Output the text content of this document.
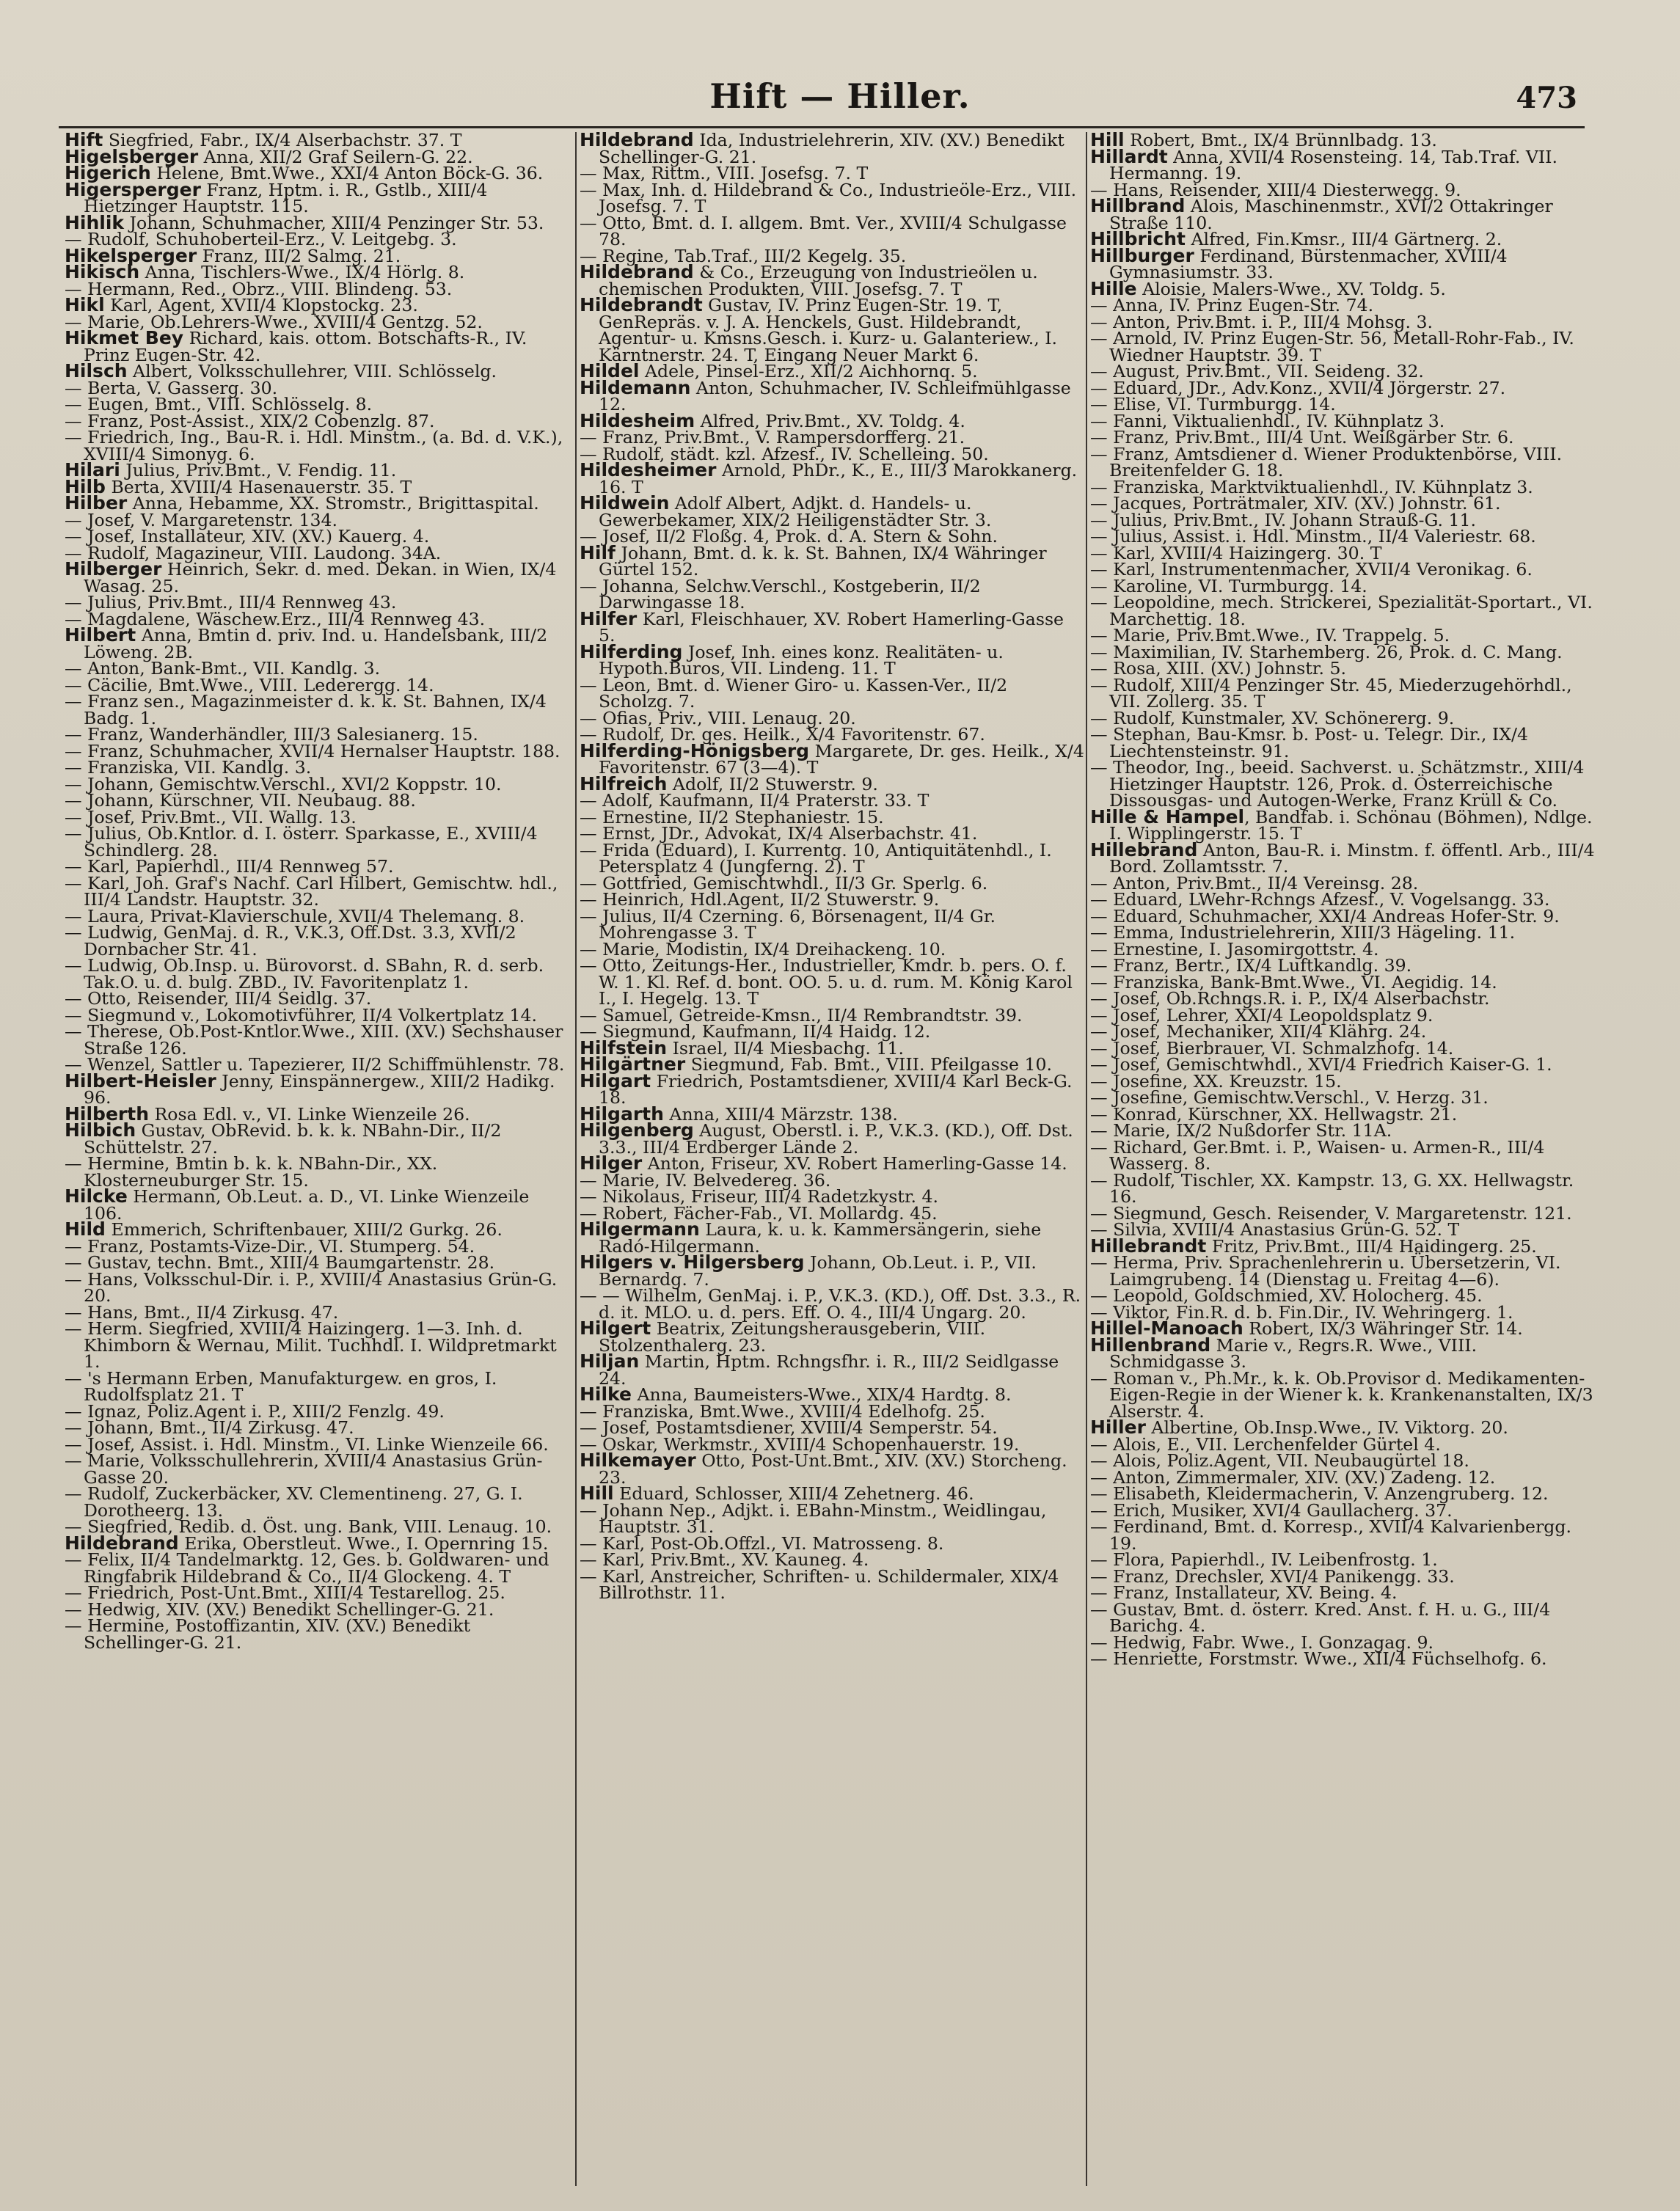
Hift — Hiller.	473

Hift Siegfried, Fabr., IX/4 Alserbachstr. 37. T

Higelsberger Anna, XII/2 Graf Seilern-G. 22.

Higerich Helene, Bmt.Wwe., XXI/4 Anton Böck-G. 36.

Higersperger Franz, Hptm. i. R., Gstlb., XIII/4 Hietzinger Hauptstr. 115.

Hihlik Johann, Schuhmacher, XIII/4 Penzinger Str. 53.

— Rudolf, Schuhoberteil-Erz., V. Leitgebg. 3.

Hikelsperger Franz, III/2 Salmg. 21.

Hikisch Anna, Tischlers-Wwe., IX/4 Hörlg. 8.

— Hermann, Red., Obrz., VIII. Blindeng. 53.

Hikl Karl, Agent, XVII/4 Klopstockg. 23.

— Marie, Ob.Lehrers-Wwe., XVIII/4 Gentzg. 52.

Hikmet Bey Richard, kais. ottom. Botschafts-R., IV. Prinz Eugen-Str. 42.

Hilsch Albert, Volksschullehrer, VIII. Schlösselg.

— Berta, V. Gasserg. 30.

— Eugen, Bmt., VIII. Schlösselg. 8.

— Franz, Post-Assist., XIX/2 Cobenzlg. 87.

— Friedrich, Ing., Bau-R. i. Hdl. Minstm., (a. Bd. d. V.K.), XVIII/4 Simonyg. 6.

Hilari Julius, Priv.Bmt., V. Fendig. 11.

Hilb Berta, XVIII/4 Hasenauerstr. 35. T

Hilber Anna, Hebamme, XX. Stromstr., Brigittaspital.

— Josef, V. Margaretenstr. 134.

— Josef, Installateur, XIV. (XV.) Kauerg. 4.

— Rudolf, Magazineur, VIII. Laudong. 34A.

Hilberger Heinrich, Sekr. d. med. Dekan. in Wien, IX/4 Wasag. 25.

— Julius, Priv.Bmt., III/4 Rennweg 43.

— Magdalene, Wäschew.Erz., III/4 Rennweg 43.

Hilbert Anna, Bmtin d. priv. Ind. u. Handelsbank, III/2 Löweng. 2B.

— Anton, Bank-Bmt., VII. Kandlg. 3.

— Cäcilie, Bmt.Wwe., VIII. Lederergg. 14.

— Franz sen., Magazinmeister d. k. k. St. Bahnen, IX/4 Badg. 1.

— Franz, Wanderhändler, III/3 Salesianerg. 15.

— Franz, Schuhmacher, XVII/4 Hernalser Hauptstr. 188.

— Franziska, VII. Kandlg. 3.

— Johann, Gemischtw.Verschl., XVI/2 Koppstr. 10.

— Johann, Kürschner, VII. Neubaug. 88.

— Josef, Priv.Bmt., VII. Wallg. 13.

— Julius, Ob.Kntlor. d. I. österr. Sparkasse, E., XVIII/4 Schindlerg. 28.

— Karl, Papierhdl., III/4 Rennweg 57.

— Karl, Joh. Graf's Nachf. Carl Hilbert, Gemischtw. hdl., III/4 Landstr. Hauptstr. 32.

— Laura, Privat-Klavierschule, XVII/4 Thelemang. 8.

— Ludwig, GenMaj. d. R., V.K.3, Off.Dst. 3.3, XVII/2 Dornbacher Str. 41.

— Ludwig, Ob.Insp. u. Bürovorst. d. SBahn, R. d. serb. Tak.O. u. d. bulg. ZBD., IV. Favoritenplatz 1.

— Otto, Reisender, III/4 Seidlg. 37.

— Siegmund v., Lokomotivführer, II/4 Volkertplatz 14.

— Therese, Ob.Post-Kntlor.Wwe., XIII. (XV.) Sechshauser Straße 126.

— Wenzel, Sattler u. Tapezierer, II/2 Schiffmühlenstr. 78.

Hilbert-Heisler Jenny, Einspännergew., XIII/2 Hadikg. 96.

Hilberth Rosa Edl. v., VI. Linke Wienzeile 26.

Hilbich Gustav, ObRevid. b. k. k. NBahn-Dir., II/2 Schüttelstr. 27.

— Hermine, Bmtin b. k. k. NBahn-Dir., XX. Klosterneuburger Str. 15.

Hilcke Hermann, Ob.Leut. a. D., VI. Linke Wienzeile 106.

Hild Emmerich, Schriftenbauer, XIII/2 Gurkg. 26.

— Franz, Postamts-Vize-Dir., VI. Stumperg. 54.

— Gustav, techn. Bmt., XIII/4 Baumgartenstr. 28.

— Hans, Volksschul-Dir. i. P., XVIII/4 Anastasius Grün-G. 20.

— Hans, Bmt., II/4 Zirkusg. 47.

— Herm. Siegfried, XVIII/4 Haizingerg. 1—3. Inh. d. Khimborn & Wernau, Milit. Tuchhdl. I. Wildpretmarkt 1.

— 's Hermann Erben, Manufakturgew. en gros, I. Rudolfsplatz 21. T

— Ignaz, Poliz.Agent i. P., XIII/2 Fenzlg. 49.

— Johann, Bmt., II/4 Zirkusg. 47.

— Josef, Assist. i. Hdl. Minstm., VI. Linke Wienzeile 66.

— Marie, Volksschullehrerin, XVIII/4 Anastasius Grün-Gasse 20.

— Rudolf, Zuckerbäcker, XV. Clementineng. 27, G. I. Dorotheerg. 13.

— Siegfried, Redib. d. Öst. ung. Bank, VIII. Lenaug. 10.

Hildebrand Erika, Oberstleut. Wwe., I. Opernring 15.

— Felix, II/4 Tandelmarktg. 12, Ges. b. Goldwaren- und Ringfabrik Hildebrand & Co., II/4 Glockeng. 4. T

— Friedrich, Post-Unt.Bmt., XIII/4 Testarellog. 25.

— Hedwig, XIV. (XV.) Benedikt Schellinger-G. 21.

— Hermine, Postoffizantin, XIV. (XV.) Benedikt Schellinger-G. 21.

Hildebrand Ida, Industrielehrerin, XIV. (XV.) Benedikt Schellinger-G. 21.

— Max, Rittm., VIII. Josefsg. 7. T

— Max, Inh. d. Hildebrand & Co., Industrieöle-Erz., VIII. Josefsg. 7. T

— Otto, Bmt. d. I. allgem. Bmt. Ver., XVIII/4 Schulgasse 78.

— Regine, Tab.Traf., III/2 Kegelg. 35.

Hildebrand & Co., Erzeugung von Industrieölen u. chemischen Produkten, VIII. Josefsg. 7. T

Hildebrandt Gustav, IV. Prinz Eugen-Str. 19. T, GenRepräs. v. J. A. Henckels, Gust. Hildebrandt, Agentur- u. Kmsns.Gesch. i. Kurz- u. Galanteriew., I. Kärntnerstr. 24. T, Eingang Neuer Markt 6.

Hildel Adele, Pinsel-Erz., XII/2 Aichhornq. 5.

Hildemann Anton, Schuhmacher, IV. Schleifmühlgasse 12.

Hildesheim Alfred, Priv.Bmt., XV. Toldg. 4.

— Franz, Priv.Bmt., V. Rampersdorfferg. 21.

— Rudolf, städt. kzl. Afzesf., IV. Schelleing. 50.

Hildesheimer Arnold, PhDr., K., E., III/3 Marokkanerg. 16. T

Hildwein Adolf Albert, Adjkt. d. Handels- u. Gewerbekamer, XIX/2 Heiligenstädter Str. 3.

— Josef, II/2 Floßg. 4, Prok. d. A. Stern & Sohn.

Hilf Johann, Bmt. d. k. k. St. Bahnen, IX/4 Währinger Gürtel 152.

— Johanna, Selchw.Verschl., Kostgeberin, II/2 Darwingasse 18.

Hilfer Karl, Fleischhauer, XV. Robert Hamerling-Gasse 5.

Hilferding Josef, Inh. eines konz. Realitäten- u. Hypoth.Buros, VII. Lindeng. 11. T

— Leon, Bmt. d. Wiener Giro- u. Kassen-Ver., II/2 Scholzg. 7.

— Ofias, Priv., VIII. Lenaug. 20.

— Rudolf, Dr. ges. Heilk., X/4 Favoritenstr. 67.

Hilferding-Hönigsberg Margarete, Dr. ges. Heilk., X/4 Favoritenstr. 67 (3—4). T

Hilfreich Adolf, II/2 Stuwerstr. 9.

— Adolf, Kaufmann, II/4 Praterstr. 33. T

— Ernestine, II/2 Stephaniestr. 15.

— Ernst, JDr., Advokat, IX/4 Alserbachstr. 41.

— Frida (Eduard), I. Kurrentg. 10, Antiquitätenhdl., I. Petersplatz 4 (Jungferng. 2). T

— Gottfried, Gemischtwhdl., II/3 Gr. Sperlg. 6.

— Heinrich, Hdl.Agent, II/2 Stuwerstr. 9.

— Julius, II/4 Czerning. 6, Börsenagent, II/4 Gr. Mohrengasse 3. T

— Marie, Modistin, IX/4 Dreihackeng. 10.

— Otto, Zeitungs-Her., Industrieller, Kmdr. b. pers. O. f. W. 1. Kl. Ref. d. bont. OO. 5. u. d. rum. M. König Karol I., I. Hegelg. 13. T

— Samuel, Getreide-Kmsn., II/4 Rembrandtstr. 39.

— Siegmund, Kaufmann, II/4 Haidg. 12.

Hilfstein Israel, II/4 Miesbachg. 11.

Hilgärtner Siegmund, Fab. Bmt., VIII. Pfeilgasse 10.

Hilgart Friedrich, Postamtsdiener, XVIII/4 Karl Beck-G. 18.

Hilgarth Anna, XIII/4 Märzstr. 138.

Hilgenberg August, Oberstl. i. P., V.K.3. (KD.), Off. Dst. 3.3., III/4 Erdberger Lände 2.

Hilger Anton, Friseur, XV. Robert Hamerling-Gasse 14.

— Marie, IV. Belvedereg. 36.

— Nikolaus, Friseur, III/4 Radetzkystr. 4.

— Robert, Fächer-Fab., VI. Mollardg. 45.

Hilgermann Laura, k. u. k. Kammersängerin, siehe Radó-Hilgermann.

Hilgers v. Hilgersberg Johann, Ob.Leut. i. P., VII. Bernardg. 7.

— — Wilhelm, GenMaj. i. P., V.K.3. (KD.), Off. Dst. 3.3., R. d. it. MLO. u. d. pers. Eff. O. 4., III/4 Ungarg. 20.

Hilgert Beatrix, Zeitungsherausgeberin, VIII. Stolzenthalerg. 23.

Hiljan Martin, Hptm. Rchngsfhr. i. R., III/2 Seidlgasse 24.

Hilke Anna, Baumeisters-Wwe., XIX/4 Hardtg. 8.

— Franziska, Bmt.Wwe., XVIII/4 Edelhofg. 25.

— Josef, Postamtsdiener, XVIII/4 Semperstr. 54.

— Oskar, Werkmstr., XVIII/4 Schopenhauerstr. 19.

Hilkemayer Otto, Post-Unt.Bmt., XIV. (XV.) Storcheng. 23.

Hill Eduard, Schlosser, XIII/4 Zehetnerg. 46.

— Johann Nep., Adjkt. i. EBahn-Minstm., Weidlingau, Hauptstr. 31.

— Karl, Post-Ob.Offzl., VI. Matrosseng. 8.

— Karl, Priv.Bmt., XV. Kauneg. 4.

— Karl, Anstreicher, Schriften- u. Schildermaler, XIX/4 Billrothstr. 11.

Hill Robert, Bmt., IX/4 Brünnlbadg. 13.

Hillardt Anna, XVII/4 Rosensteing. 14, Tab.Traf. VII. Hermanng. 19.

— Hans, Reisender, XIII/4 Diesterwegg. 9.

Hillbrand Alois, Maschinenmstr., XVI/2 Ottakringer Straße 110.

Hillbricht Alfred, Fin.Kmsr., III/4 Gärtnerg. 2.

Hillburger Ferdinand, Bürstenmacher, XVIII/4 Gymnasiumstr. 33.

Hille Aloisie, Malers-Wwe., XV. Toldg. 5.

— Anna, IV. Prinz Eugen-Str. 74.

— Anton, Priv.Bmt. i. P., III/4 Mohsg. 3.

— Arnold, IV. Prinz Eugen-Str. 56, Metall-Rohr-Fab., IV. Wiedner Hauptstr. 39. T

— August, Priv.Bmt., VII. Seideng. 32.

— Eduard, JDr., Adv.Konz., XVII/4 Jörgerstr. 27.

— Elise, VI. Turmburgg. 14.

— Fanni, Viktualienhdl., IV. Kühnplatz 3.

— Franz, Priv.Bmt., III/4 Unt. Weißgärber Str. 6.

— Franz, Amtsdiener d. Wiener Produktenbörse, VIII. Breitenfelder G. 18.

— Franziska, Marktviktualienhdl., IV. Kühnplatz 3.

— Jacques, Porträtmaler, XIV. (XV.) Johnstr. 61.

— Julius, Priv.Bmt., IV. Johann Strauß-G. 11.

— Julius, Assist. i. Hdl. Minstm., II/4 Valeriestr. 68.

— Karl, XVIII/4 Haizingerg. 30. T

— Karl, Instrumentenmacher, XVII/4 Veronikag. 6.

— Karoline, VI. Turmburgg. 14.

— Leopoldine, mech. Strickerei, Spezialität-Sportart., VI. Marchettig. 18.

— Marie, Priv.Bmt.Wwe., IV. Trappelg. 5.

— Maximilian, IV. Starhemberg. 26, Prok. d. C. Mang.

— Rosa, XIII. (XV.) Johnstr. 5.

— Rudolf, XIII/4 Penzinger Str. 45, Miederzugehörhdl., VII. Zollerg. 35. T

— Rudolf, Kunstmaler, XV. Schönererg. 9.

— Stephan, Bau-Kmsr. b. Post- u. Telegr. Dir., IX/4 Liechtensteinstr. 91.

— Theodor, Ing., beeid. Sachverst. u. Schätzmstr., XIII/4 Hietzinger Hauptstr. 126, Prok. d. Österreichische Dissousgas- und Autogen-Werke, Franz Krüll & Co.

Hille & Hampel, Bandfab. i. Schönau (Böhmen), Ndlge. I. Wipplingerstr. 15. T

Hillebrand Anton, Bau-R. i. Minstm. f. öffentl. Arb., III/4 Bord. Zollamtsstr. 7.

— Anton, Priv.Bmt., II/4 Vereinsg. 28.

— Eduard, LWehr-Rchngs Afzesf., V. Vogelsangg. 33.

— Eduard, Schuhmacher, XXI/4 Andreas Hofer-Str. 9.

— Emma, Industrielehrerin, XIII/3 Hägeling. 11.

— Ernestine, I. Jasomirgottstr. 4.

— Franz, Bertr., IX/4 Luftkandlg. 39.

— Franziska, Bank-Bmt.Wwe., VI. Aegidig. 14.

— Josef, Ob.Rchngs.R. i. P., IX/4 Alserbachstr.

— Josef, Lehrer, XXI/4 Leopoldsplatz 9.

— Josef, Mechaniker, XII/4 Klährg. 24.

— Josef, Bierbrauer, VI. Schmalzhofg. 14.

— Josef, Gemischtwhdl., XVI/4 Friedrich Kaiser-G. 1.

— Josefine, XX. Kreuzstr. 15.

— Josefine, Gemischtw.Verschl., V. Herzg. 31.

— Konrad, Kürschner, XX. Hellwagstr. 21.

— Marie, IX/2 Nußdorfer Str. 11A.

— Richard, Ger.Bmt. i. P., Waisen- u. Armen-R., III/4 Wasserg. 8.

— Rudolf, Tischler, XX. Kampstr. 13, G. XX. Hellwagstr. 16.

— Siegmund, Gesch. Reisender, V. Margaretenstr. 121.

— Silvia, XVIII/4 Anastasius Grün-G. 52. T

Hillebrandt Fritz, Priv.Bmt., III/4 Haidingerg. 25.

— Herma, Priv. Sprachenlehrerin u. Übersetzerin, VI. Laimgrubeng. 14 (Dienstag u. Freitag 4—6).

— Leopold, Goldschmied, XV. Holocherg. 45.

— Viktor, Fin.R. d. b. Fin.Dir., IV. Wehringerg. 1.

Hillel-Manoach Robert, IX/3 Währinger Str. 14.

Hillenbrand Marie v., Regrs.R. Wwe., VIII. Schmidgasse 3.

— Roman v., Ph.Mr., k. k. Ob.Provisor d. Medikamenten-Eigen-Regie in der Wiener k. k. Krankenanstalten, IX/3 Alserstr. 4.

Hiller Albertine, Ob.Insp.Wwe., IV. Viktorg. 20.

— Alois, E., VII. Lerchenfelder Gürtel 4.

— Alois, Poliz.Agent, VII. Neubaugürtel 18.

— Anton, Zimmermaler, XIV. (XV.) Zadeng. 12.

— Elisabeth, Kleidermacherin, V. Anzengruberg. 12.

— Erich, Musiker, XVI/4 Gaullacherg. 37.

— Ferdinand, Bmt. d. Korresp., XVII/4 Kalvarienbergg. 19.

— Flora, Papierhdl., IV. Leibenfrostg. 1.

— Franz, Drechsler, XVI/4 Panikengg. 33.

— Franz, Installateur, XV. Being. 4.

— Gustav, Bmt. d. österr. Kred. Anst. f. H. u. G., III/4 Barichg. 4.

— Hedwig, Fabr. Wwe., I. Gonzagag. 9.

— Henriette, Forstmstr. Wwe., XII/4 Füchselhofg. 6.
